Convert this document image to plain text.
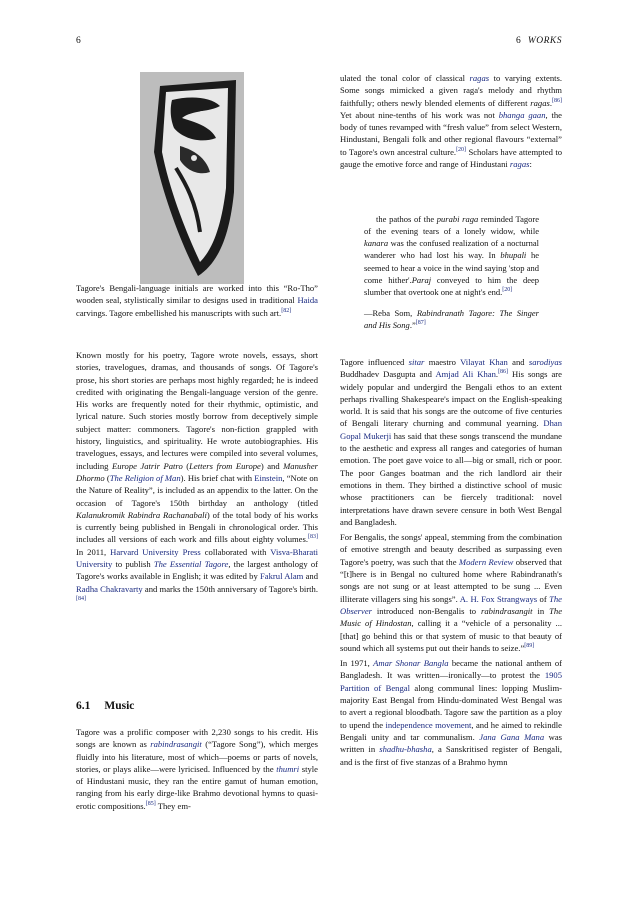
6	6 WORKS
Tagore's Bengali-language initials are worked into this “Ro-Tho” wooden seal, stylistically similar to designs used in traditional Haida carvings. Tagore embellished his manuscripts with such art.[82]

Known mostly for his poetry, Tagore wrote novels, essays, short stories, travelogues, dramas, and thousands of songs. Of Tagore's prose, his short stories are perhaps most highly regarded; he is indeed credited with originating the Bengali-language version of the genre. His works are frequently noted for their rhythmic, optimistic, and lyrical nature. Such stories mostly borrow from deceptively simple subject matter: commoners. Tagore's non-fiction grappled with history, linguistics, and spirituality. He wrote autobiographies. His travelogues, essays, and lectures were compiled into several volumes, including Europe Jatrir Patro (Letters from Europe) and Manusher Dhormo (The Religion of Man). His brief chat with Einstein, “Note on the Nature of Reality”, is included as an appendix to the latter. On the occasion of Tagore's 150th birthday an anthology (titled Kalanukromik Rabindra Rachanabali) of the total body of his works is currently being published in Bengali in chronological order. This includes all versions of each work and fills about eighty volumes.[83] In 2011, Harvard University Press collaborated with Visva-Bharati University to publish The Essential Tagore, the largest anthology of Tagore's works available in English; it was edited by Fakrul Alam and Radha Chakravarty and marks the 150th anniversary of Tagore's birth.[84]

6.1 Music

Tagore was a prolific composer with 2,230 songs to his credit. His songs are known as rabindrasangit (“Tagore Song”), which merges fluidly into his literature, most of which—poems or parts of novels, stories, or plays alike—were lyricised. Influenced by the thumri style of Hindustani music, they ran the entire gamut of human emotion, ranging from his early dirge-like Brahmo devotional hymns to quasi-erotic compositions.[85] They em-

ulated the tonal color of classical ragas to varying extents. Some songs mimicked a given raga's melody and rhythm faithfully; others newly blended elements of different ragas.[86] Yet about nine-tenths of his work was not bhanga gaan, the body of tunes revamped with “fresh value” from select Western, Hindustani, Bengali folk and other regional flavours “external” to Tagore's own ancestral culture.[20] Scholars have attempted to gauge the emotive force and range of Hindustani ragas:

the pathos of the purabi raga reminded Tagore of the evening tears of a lonely widow, while kanara was the confused realization of a nocturnal wanderer who had lost his way. In bhupali he seemed to hear a voice in the wind saying 'stop and come hither'.Paraj conveyed to him the deep slumber that overtook one at night's end.[20]

—Reba Som, Rabindranath Tagore: The Singer and His Song.”[87]

Tagore influenced sitar maestro Vilayat Khan and sarodiyas Buddhadev Dasgupta and Amjad Ali Khan.[86] His songs are widely popular and undergird the Bengali ethos to an extent perhaps rivalling Shakespeare's impact on the English-speaking world. It is said that his songs are the outcome of five centuries of Bengali literary churning and communal yearning. Dhan Gopal Mukerji has said that these songs transcend the mundane to the aesthetic and express all ranges and categories of human emotion. The poet gave voice to all—big or small, rich or poor. The poor Ganges boatman and the rich landlord air their emotions in them. They birthed a distinctive school of music whose practitioners can be fiercely traditional: novel interpretations have drawn severe censure in both West Bengal and Bangladesh.

For Bengalis, the songs' appeal, stemming from the combination of emotive strength and beauty described as surpassing even Tagore's poetry, was such that the Modern Review observed that “[t]here is in Bengal no cultured home where Rabindranath's songs are not sung or at least attempted to be sung ... Even illiterate villagers sing his songs”. A. H. Fox Strangways of The Observer introduced non-Bengalis to rabindrasangit in The Music of Hindostan, calling it a “vehicle of a personality ... [that] go behind this or that system of music to that beauty of sound which all systems put out their hands to seize.”[89]

In 1971, Amar Shonar Bangla became the national anthem of Bangladesh. It was written—ironically—to protest the 1905 Partition of Bengal along communal lines: lopping Muslim-majority East Bengal from Hindu-dominated West Bengal was to avert a regional bloodbath. Tagore saw the partition as a ploy to upend the independence movement, and he aimed to rekindle Bengali unity and tar communalism. Jana Gana Mana was written in shadhu-bhasha, a Sanskritised register of Bengali, and is the first of five stanzas of a Brahmo hymn
